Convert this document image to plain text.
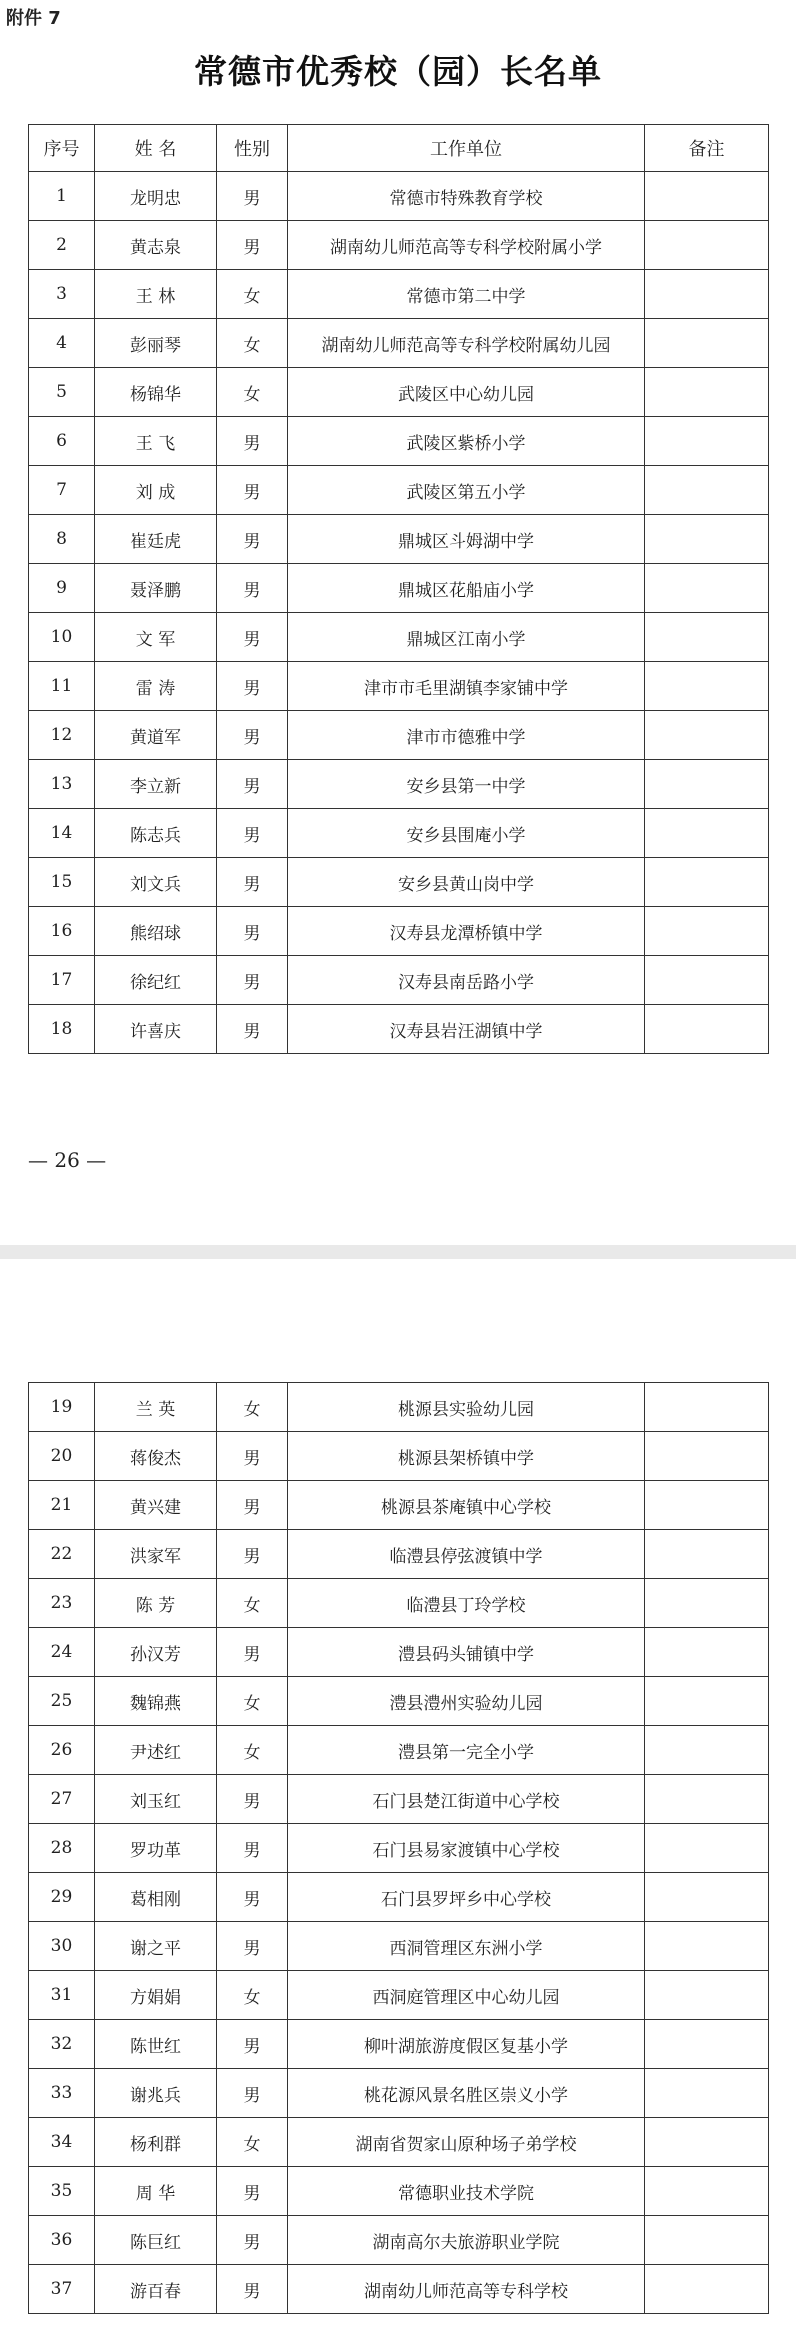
附件 7
常德市优秀校（园）长名单
序号	姓 名	性别	工作单位	备注
1	龙明忠	男	常德市特殊教育学校	
2	黄志泉	男	湖南幼儿师范高等专科学校附属小学	
3	王 林	女	常德市第二中学	
4	彭丽琴	女	湖南幼儿师范高等专科学校附属幼儿园	
5	杨锦华	女	武陵区中心幼儿园	
6	王 飞	男	武陵区紫桥小学	
7	刘 成	男	武陵区第五小学	
8	崔廷虎	男	鼎城区斗姆湖中学	
9	聂泽鹏	男	鼎城区花船庙小学	
10	文 军	男	鼎城区江南小学	
11	雷 涛	男	津市市毛里湖镇李家铺中学	
12	黄道军	男	津市市德雅中学	
13	李立新	男	安乡县第一中学	
14	陈志兵	男	安乡县围庵小学	
15	刘文兵	男	安乡县黄山岗中学	
16	熊绍球	男	汉寿县龙潭桥镇中学	
17	徐纪红	男	汉寿县南岳路小学	
18	许喜庆	男	汉寿县岩汪湖镇中学	
— 26 —
19	兰 英	女	桃源县实验幼儿园	
20	蒋俊杰	男	桃源县架桥镇中学	
21	黄兴建	男	桃源县茶庵镇中心学校	
22	洪家军	男	临澧县停弦渡镇中学	
23	陈 芳	女	临澧县丁玲学校	
24	孙汉芳	男	澧县码头铺镇中学	
25	魏锦燕	女	澧县澧州实验幼儿园	
26	尹述红	女	澧县第一完全小学	
27	刘玉红	男	石门县楚江街道中心学校	
28	罗功革	男	石门县易家渡镇中心学校	
29	葛相刚	男	石门县罗坪乡中心学校	
30	谢之平	男	西洞管理区东洲小学	
31	方娟娟	女	西洞庭管理区中心幼儿园	
32	陈世红	男	柳叶湖旅游度假区复基小学	
33	谢兆兵	男	桃花源风景名胜区崇义小学	
34	杨利群	女	湖南省贺家山原种场子弟学校	
35	周 华	男	常德职业技术学院	
36	陈巨红	男	湖南高尔夫旅游职业学院	
37	游百春	男	湖南幼儿师范高等专科学校	
